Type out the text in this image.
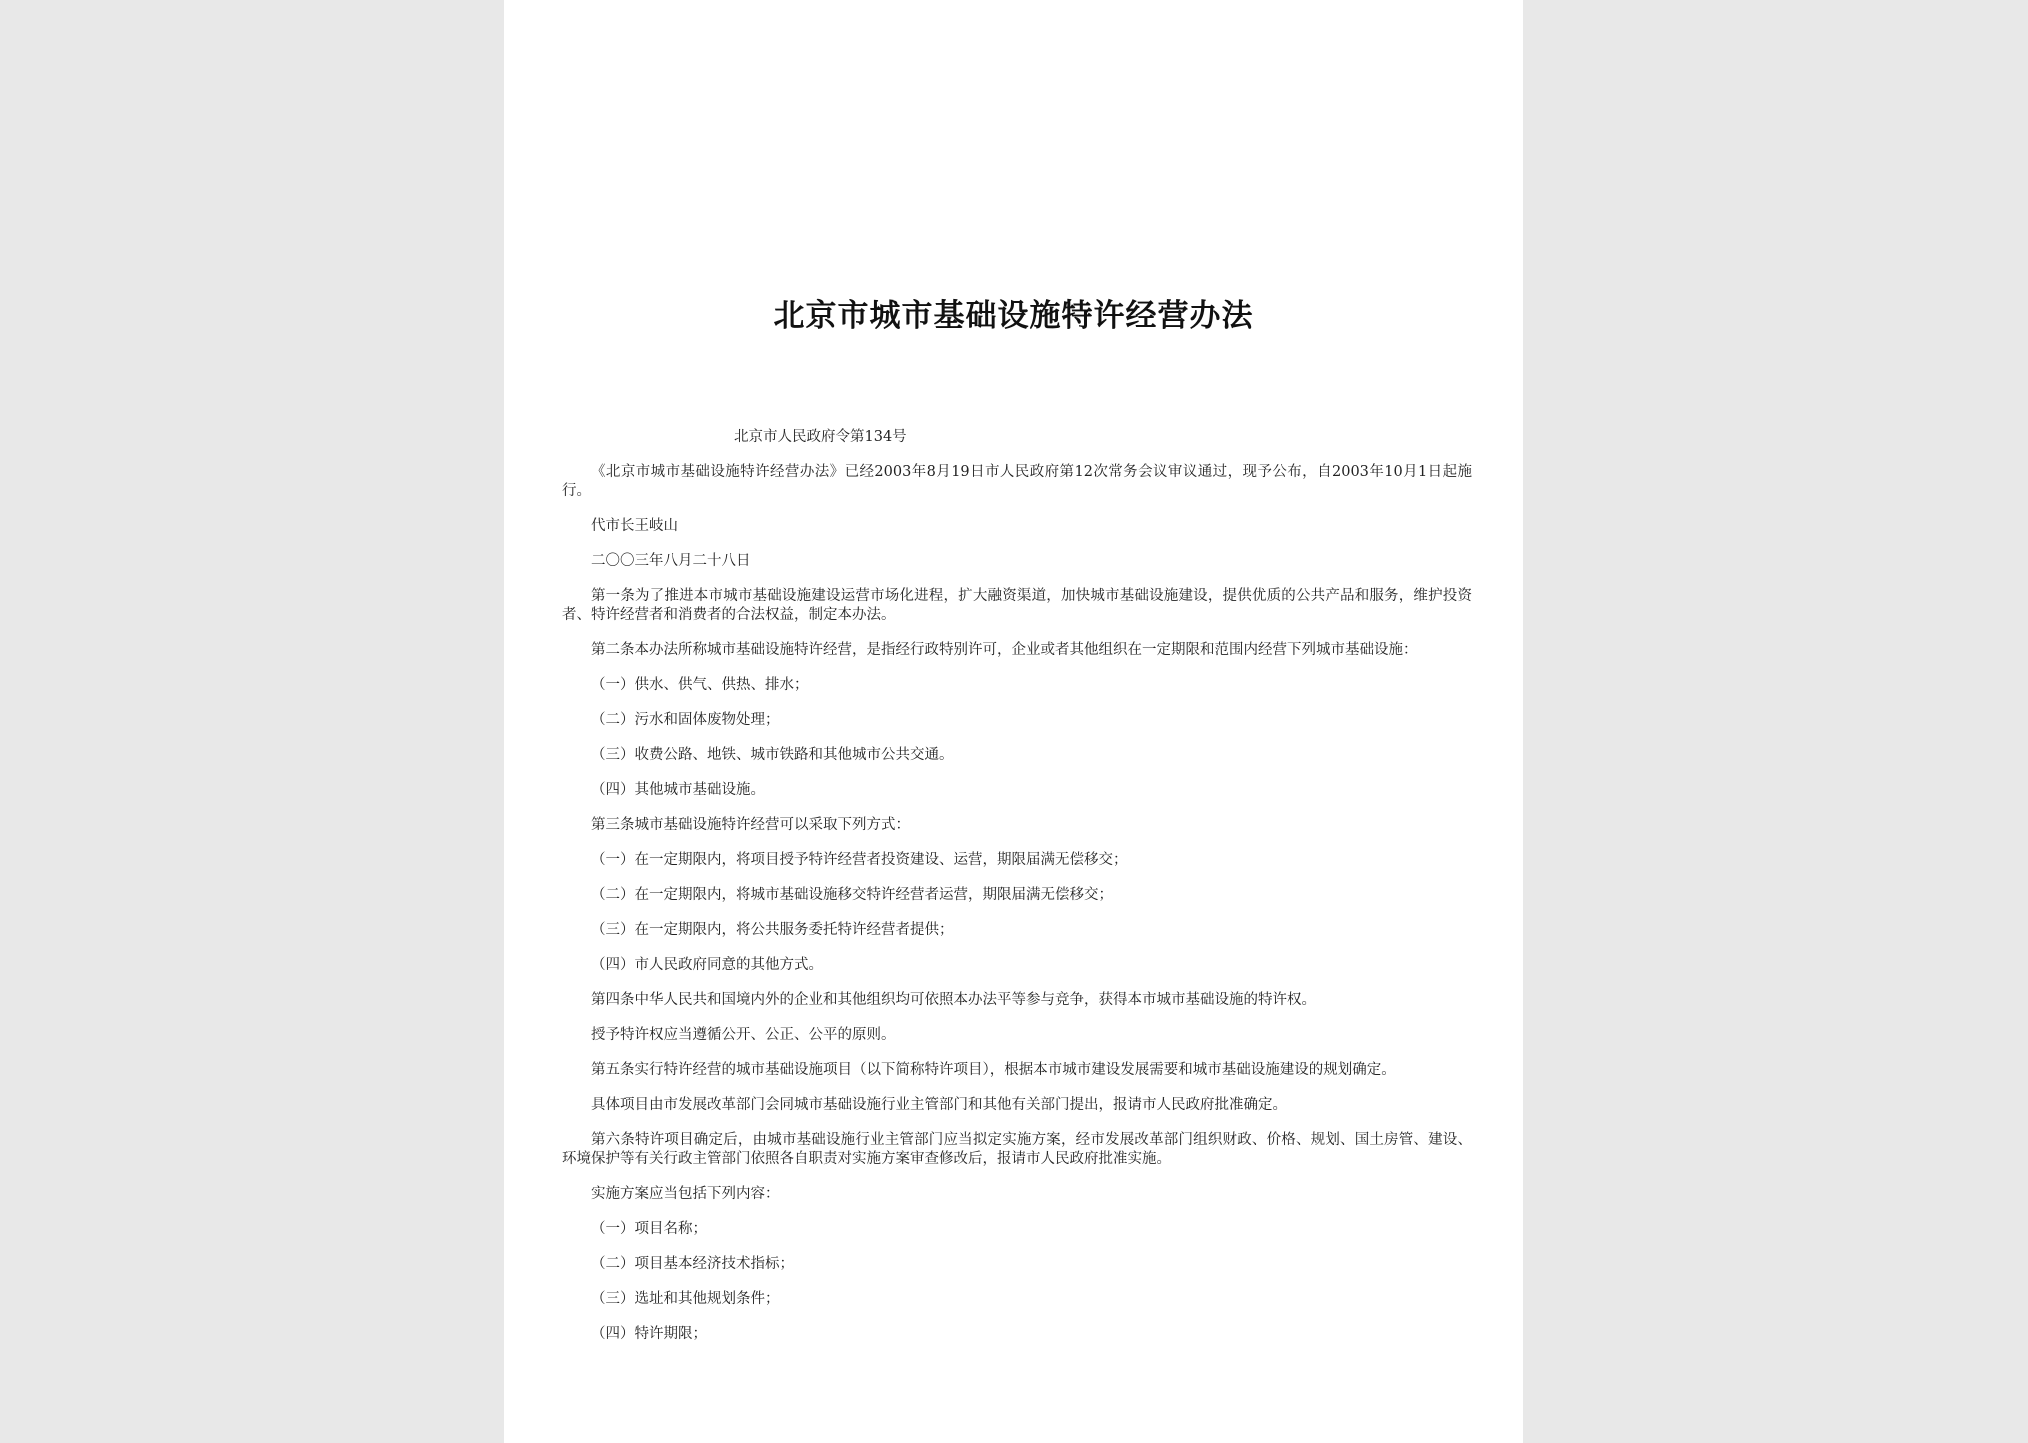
北京市城市基础设施特许经营办法

北京市人民政府令第134号

《北京市城市基础设施特许经营办法》已经2003年8月19日市人民政府第12次常务会议审议通过，现予公布，自2003年10月1日起施行。

代市长王岐山

二〇〇三年八月二十八日

第一条为了推进本市城市基础设施建设运营市场化进程，扩大融资渠道，加快城市基础设施建设，提供优质的公共产品和服务，维护投资者、特许经营者和消费者的合法权益，制定本办法。

第二条本办法所称城市基础设施特许经营，是指经行政特别许可，企业或者其他组织在一定期限和范围内经营下列城市基础设施：

（一）供水、供气、供热、排水；

（二）污水和固体废物处理；

（三）收费公路、地铁、城市铁路和其他城市公共交通。

（四）其他城市基础设施。

第三条城市基础设施特许经营可以采取下列方式：

（一）在一定期限内，将项目授予特许经营者投资建设、运营，期限届满无偿移交；

（二）在一定期限内，将城市基础设施移交特许经营者运营，期限届满无偿移交；

（三）在一定期限内，将公共服务委托特许经营者提供；

（四）市人民政府同意的其他方式。

第四条中华人民共和国境内外的企业和其他组织均可依照本办法平等参与竞争，获得本市城市基础设施的特许权。

授予特许权应当遵循公开、公正、公平的原则。

第五条实行特许经营的城市基础设施项目（以下简称特许项目），根据本市城市建设发展需要和城市基础设施建设的规划确定。

具体项目由市发展改革部门会同城市基础设施行业主管部门和其他有关部门提出，报请市人民政府批准确定。

第六条特许项目确定后，由城市基础设施行业主管部门应当拟定实施方案，经市发展改革部门组织财政、价格、规划、国土房管、建设、环境保护等有关行政主管部门依照各自职责对实施方案审查修改后，报请市人民政府批准实施。

实施方案应当包括下列内容：

（一）项目名称；

（二）项目基本经济技术指标；

（三）选址和其他规划条件；

（四）特许期限；
